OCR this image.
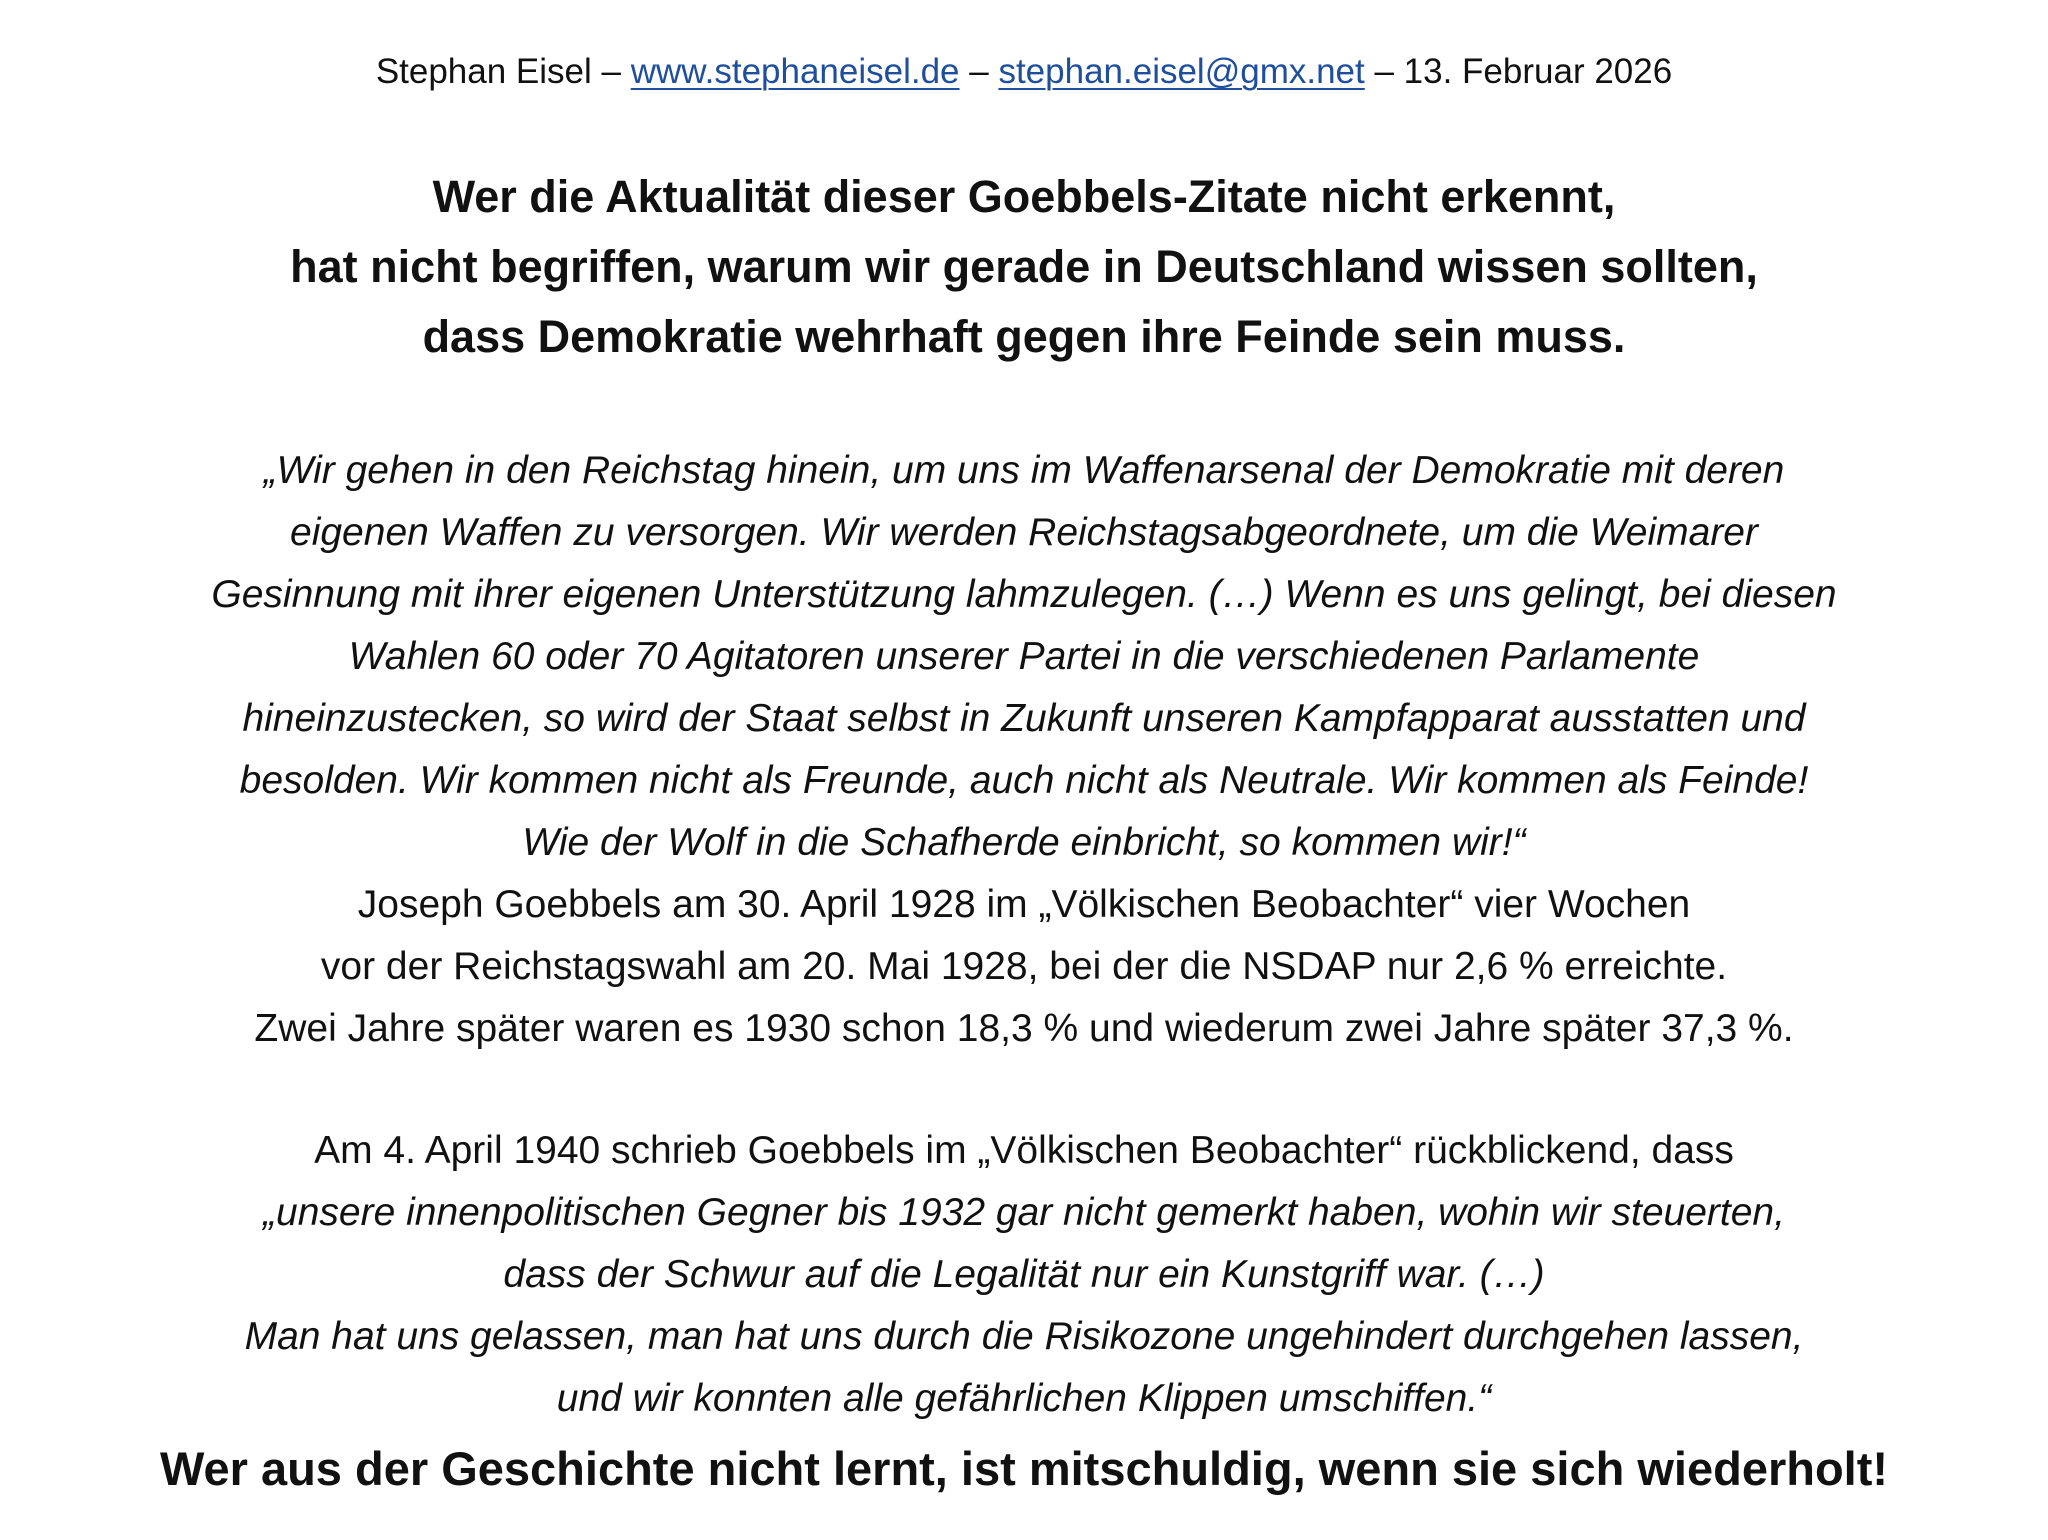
Stephan Eisel – www.stephaneisel.de – stephan.eisel@gmx.net – 13. Februar 2026
Wer die Aktualität dieser Goebbels-Zitate nicht erkennt,
hat nicht begriffen, warum wir gerade in Deutschland wissen sollten,
dass Demokratie wehrhaft gegen ihre Feinde sein muss.
„Wir gehen in den Reichstag hinein, um uns im Waffenarsenal der Demokratie mit deren
eigenen Waffen zu versorgen. Wir werden Reichstagsabgeordnete, um die Weimarer
Gesinnung mit ihrer eigenen Unterstützung lahmzulegen. (…) Wenn es uns gelingt, bei diesen
Wahlen 60 oder 70 Agitatoren unserer Partei in die verschiedenen Parlamente
hineinzustecken, so wird der Staat selbst in Zukunft unseren Kampfapparat ausstatten und
besolden. Wir kommen nicht als Freunde, auch nicht als Neutrale. Wir kommen als Feinde!
Wie der Wolf in die Schafherde einbricht, so kommen wir!“
Joseph Goebbels am 30. April 1928 im „Völkischen Beobachter“ vier Wochen
vor der Reichstagswahl am 20. Mai 1928, bei der die NSDAP nur 2,6 % erreichte.
Zwei Jahre später waren es 1930 schon 18,3 % und wiederum zwei Jahre später 37,3 %.
Am 4. April 1940 schrieb Goebbels im „Völkischen Beobachter“ rückblickend, dass
„unsere innenpolitischen Gegner bis 1932 gar nicht gemerkt haben, wohin wir steuerten,
dass der Schwur auf die Legalität nur ein Kunstgriff war. (…)
Man hat uns gelassen, man hat uns durch die Risikozone ungehindert durchgehen lassen,
und wir konnten alle gefährlichen Klippen umschiffen.“
Wer aus der Geschichte nicht lernt, ist mitschuldig, wenn sie sich wiederholt!
